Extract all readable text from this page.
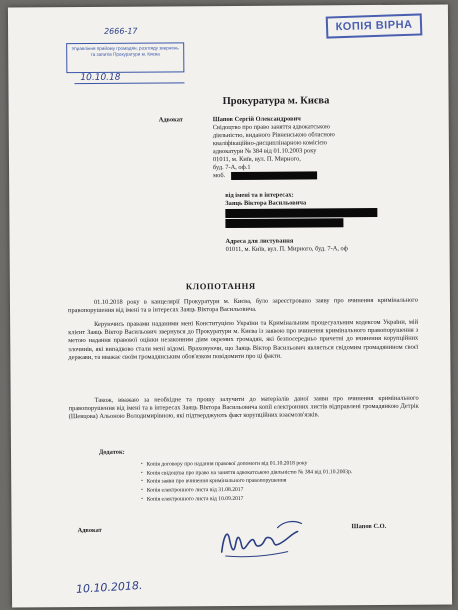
2666-17
Управління прийому громадян, розгляду звернень та запитів Прокуратури м. Києва
10.10.18
КОПІЯ ВІРНА
Прокуратура м. Києва
Адвокат	Шапов Сергій Олександрович
Свідоцтво про право заняття адвокатською
діяльністю, виданого Рівненською обласною
кваліфікаційно-дисциплінарною комісією
адвокатури № 384 від 01.10.2003 року
01011, м. Київ, вул. П. Мирного,
буд. 7-А, оф.1
моб.
від імені та в інтересах:
Заяць Віктора Васильовича
Адреса для листування
01011, м. Київ, вул. П. Мирного, буд. 7-А, оф
КЛОПОТАННЯ
01.10.2018 року в канцелярії Прокуратури м. Києва, було зареєстровано заяву про вчинення кримінального правопорушення від імені та в інтересах Заяць Віктора Васильовича.
Керуючись правами наданими мені Конституцією України та Кримінальним процесуальним кодексом України, мій клієнт Заяць Віктор Васильович звернувся до Прокуратури м. Києва із заявою про вчинення кримінального правопорушення з метою надання правової оцінки незаконним діям окремих громадян, які безпосередньо причетні до вчинення корупційних злочинів, які випадково стали мені відомі. Враховуючи, що Заяць Віктор Васильович являється свідомим громадянином своєї держави, та вважає своїм громадянським обов'язком повідомити про ці факти.
Також, вважаю за необхідне та прошу залучити до матеріалів даної заяви про вчинення кримінального правопорушення від імені та в інтересах Заяць Віктора Васильовича копії електронних листів відправлені громадянкою Детрік (Шевцова) Альоною Володимирівною, які підтверджують факт корупційних взаємозв'язків.
Додаток:
▪ Копія договору про надання правової допомоги від 01.10.2018 року
▪ Копія свідоцтва про право на заняття адвокатською діяльністю № 384 від 01.10.2003р.
▪ Копія заяви про вчинення кримінального правопорушення
▪ Копія електронного листа від 31.08.2017
▪ Копія електронного листа від 10.09.2017
Адвокат
Шапов С.О.
10.10.2018.
